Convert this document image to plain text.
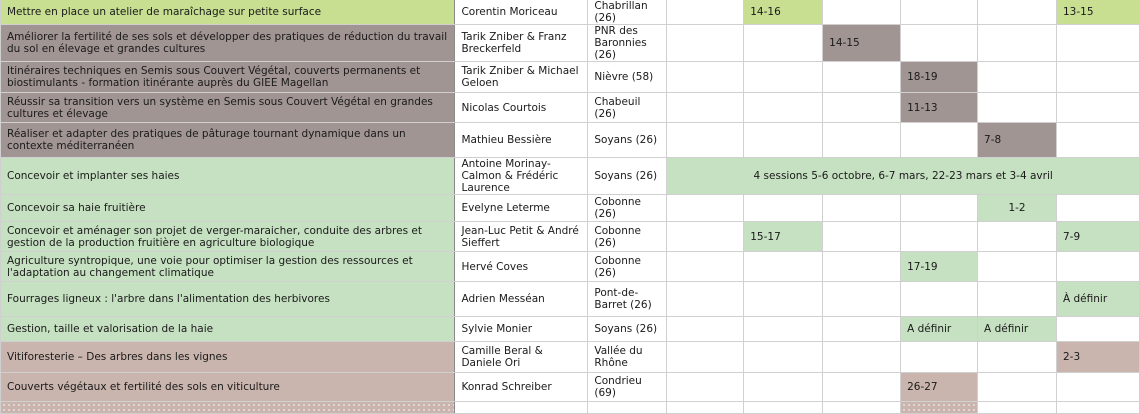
Mettre en place un atelier de maraîchage sur petite surface	Corentin Moriceau	Chabrillan (26)		14-16				13-15
Améliorer la fertilité de ses sols et développer des pratiques de réduction du travail du sol en élevage et grandes cultures	Tarik Zniber & Franz Breckerfeld	PNR des Baronnies (26)			14-15			
Itinéraires techniques en Semis sous Couvert Végétal, couverts permanents et biostimulants - formation itinérante auprès du GIEE Magellan	Tarik Zniber & Michael Geloen	Nièvre (58)				18-19		
Réussir sa transition vers un système en Semis sous Couvert Végétal en grandes cultures et élevage	Nicolas Courtois	Chabeuil (26)				11-13		
Réaliser et adapter des pratiques de pâturage tournant dynamique dans un contexte méditerranéen	Mathieu Bessière	Soyans (26)					7-8	
Concevoir et implanter ses haies	Antoine Morinay-Calmon & Frédéric Laurence	Soyans (26)	4 sessions 5-6 octobre, 6-7 mars, 22-23 mars et 3-4 avril					
Concevoir sa haie fruitière	Evelyne Leterme	Cobonne (26)					1-2	
Concevoir et aménager son projet de verger-maraicher, conduite des arbres et gestion de la production fruitière en agriculture biologique	Jean-Luc Petit & André Sieffert	Cobonne (26)		15-17				7-9
Agriculture syntropique, une voie pour optimiser la gestion des ressources et l'adaptation au changement climatique	Hervé Coves	Cobonne (26)				17-19		
Fourrages ligneux : l'arbre dans l'alimentation des herbivores	Adrien Messéan	Pont-de-Barret (26)						À définir
Gestion, taille et valorisation de la haie	Sylvie Monier	Soyans (26)				A définir	A définir	
Vitiforesterie – Des arbres dans les vignes	Camille Beral & Daniele Ori	Vallée du Rhône						2-3
Couverts végétaux et fertilité des sols en viticulture	Konrad Schreiber	Condrieu (69)				26-27		
